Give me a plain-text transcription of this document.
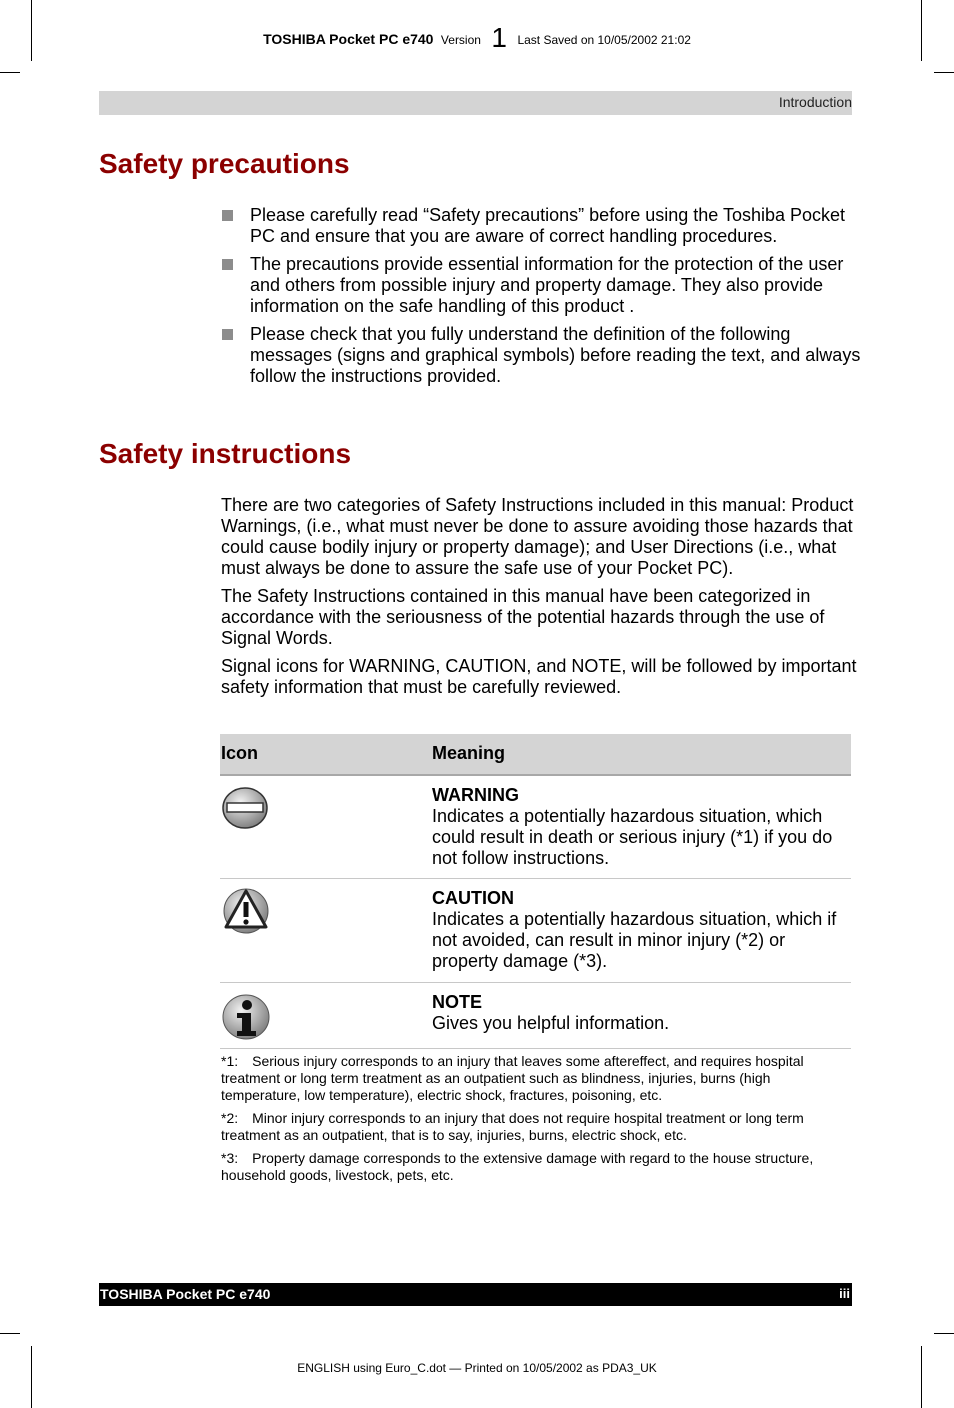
TOSHIBA Pocket PC e740 Version 1 Last Saved on 10/05/2002 21:02
Introduction
Safety precautions
Please carefully read “Safety precautions” before using the Toshiba Pocket PC and ensure that you are aware of correct handling procedures.
The precautions provide essential information for the protection of the user and others from possible injury and property damage. They also provide information on the safe handling of this product .
Please check that you fully understand the definition of the following messages (signs and graphical symbols) before reading the text, and always follow the instructions provided.
Safety instructions

There are two categories of Safety Instructions included in this manual: Product Warnings, (i.e., what must never be done to assure avoiding those hazards that could cause bodily injury or property damage); and User Directions (i.e., what must always be done to assure the safe use of your Pocket PC).

The Safety Instructions contained in this manual have been categorized in accordance with the seriousness of the potential hazards through the use of Signal Words.

Signal icons for WARNING, CAUTION, and NOTE, will be followed by important safety information that must be carefully reviewed.

Icon	Meaning
WARNING
Indicates a potentially hazardous situation, which could result in death or serious injury (*1) if you do not follow instructions.
CAUTION
Indicates a potentially hazardous situation, which if not avoided, can result in minor injury (*2) or property damage (*3).
NOTE
Gives you helpful information.

*1: Serious injury corresponds to an injury that leaves some aftereffect, and requires hospital treatment or long term treatment as an outpatient such as blindness, injuries, burns (high temperature, low temperature), electric shock, fractures, poisoning, etc.

*2: Minor injury corresponds to an injury that does not require hospital treatment or long term treatment as an outpatient, that is to say, injuries, burns, electric shock, etc.

*3: Property damage corresponds to the extensive damage with regard to the house structure, household goods, livestock, pets, etc.

TOSHIBA Pocket PC e740	iii
ENGLISH using Euro_C.dot — Printed on 10/05/2002 as PDA3_UK
